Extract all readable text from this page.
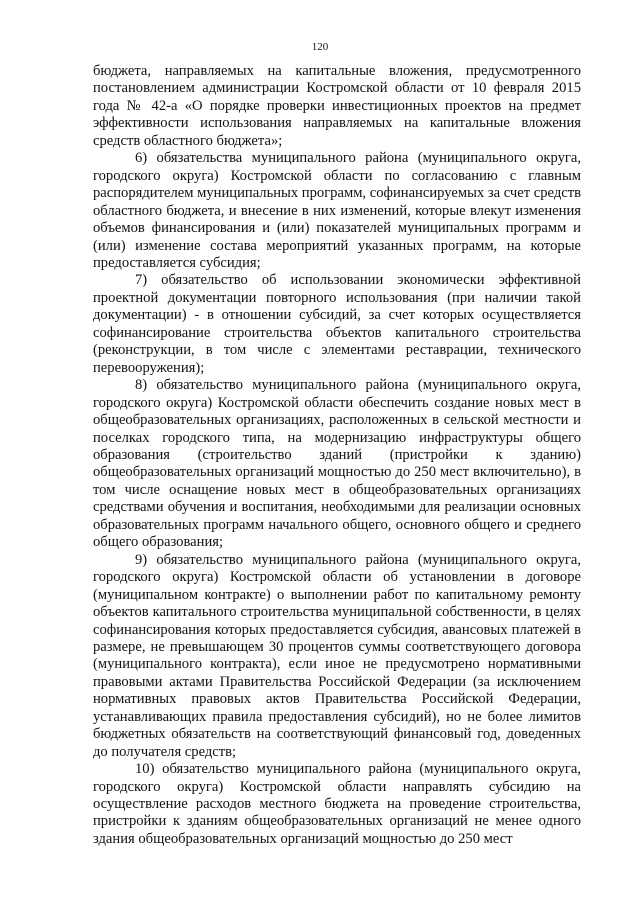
120

бюджета, направляемых на капитальные вложения, предусмотренного постановлением администрации Костромской области от 10 февраля 2015 года № 42-а «О порядке проверки инвестиционных проектов на предмет эффективности использования направляемых на капитальные вложения средств областного бюджета»;

6) обязательства муниципального района (муниципального округа, городского округа) Костромской области по согласованию с главным распорядителем муниципальных программ, софинансируемых за счет средств областного бюджета, и внесение в них изменений, которые влекут изменения объемов финансирования и (или) показателей муниципальных программ и (или) изменение состава мероприятий указанных программ, на которые предоставляется субсидия;

7) обязательство об использовании экономически эффективной проектной документации повторного использования (при наличии такой документации) - в отношении субсидий, за счет которых осуществляется софинансирование строительства объектов капитального строительства (реконструкции, в том числе с элементами реставрации, технического перевооружения);

8) обязательство муниципального района (муниципального округа, городского округа) Костромской области обеспечить создание новых мест в общеобразовательных организациях, расположенных в сельской местности и поселках городского типа, на модернизацию инфраструктуры общего образования (строительство зданий (пристройки к зданию) общеобразовательных организаций мощностью до 250 мест включительно), в том числе оснащение новых мест в общеобразовательных организациях средствами обучения и воспитания, необходимыми для реализации основных образовательных программ начального общего, основного общего и среднего общего образования;

9) обязательство муниципального района (муниципального округа, городского округа) Костромской области об установлении в договоре (муниципальном контракте) о выполнении работ по капитальному ремонту объектов капитального строительства муниципальной собственности, в целях софинансирования которых предоставляется субсидия, авансовых платежей в размере, не превышающем 30 процентов суммы соответствующего договора (муниципального контракта), если иное не предусмотрено нормативными правовыми актами Правительства Российской Федерации (за исключением нормативных правовых актов Правительства Российской Федерации, устанавливающих правила предоставления субсидий), но не более лимитов бюджетных обязательств на соответствующий финансовый год, доведенных до получателя средств;

10) обязательство муниципального района (муниципального округа, городского округа) Костромской области направлять субсидию на осуществление расходов местного бюджета на проведение строительства, пристройки к зданиям общеобразовательных организаций не менее одного здания общеобразовательных организаций мощностью до 250 мест
